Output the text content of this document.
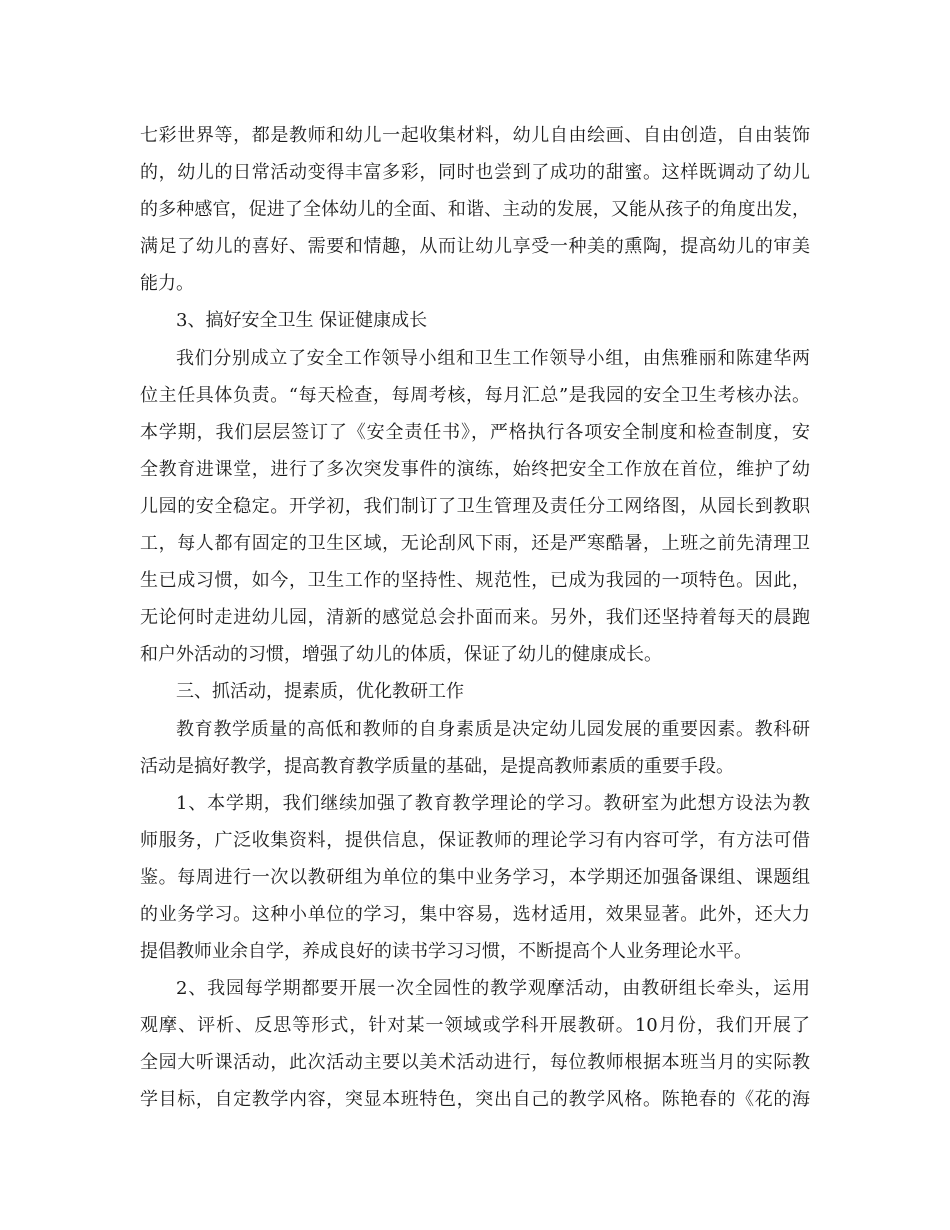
七彩世界等，都是教师和幼儿一起收集材料，幼儿自由绘画、自由创造，自由装饰
的，幼儿的日常活动变得丰富多彩，同时也尝到了成功的甜蜜。这样既调动了幼儿
的多种感官，促进了全体幼儿的全面、和谐、主动的发展，又能从孩子的角度出发，
满足了幼儿的喜好、需要和情趣，从而让幼儿享受一种美的熏陶，提高幼儿的审美
能力。
3、搞好安全卫生 保证健康成长
我们分别成立了安全工作领导小组和卫生工作领导小组，由焦雅丽和陈建华两
位主任具体负责。“每天检查，每周考核，每月汇总”是我园的安全卫生考核办法。
本学期，我们层层签订了《安全责任书》，严格执行各项安全制度和检查制度，安
全教育进课堂，进行了多次突发事件的演练，始终把安全工作放在首位，维护了幼
儿园的安全稳定。开学初，我们制订了卫生管理及责任分工网络图，从园长到教职
工，每人都有固定的卫生区域，无论刮风下雨，还是严寒酷暑，上班之前先清理卫
生已成习惯，如今，卫生工作的坚持性、规范性，已成为我园的一项特色。因此，
无论何时走进幼儿园，清新的感觉总会扑面而来。另外，我们还坚持着每天的晨跑
和户外活动的习惯，增强了幼儿的体质，保证了幼儿的健康成长。
三、抓活动，提素质，优化教研工作
教育教学质量的高低和教师的自身素质是决定幼儿园发展的重要因素。教科研
活动是搞好教学，提高教育教学质量的基础，是提高教师素质的重要手段。
1、本学期，我们继续加强了教育教学理论的学习。教研室为此想方设法为教
师服务，广泛收集资料，提供信息，保证教师的理论学习有内容可学，有方法可借
鉴。每周进行一次以教研组为单位的集中业务学习，本学期还加强备课组、课题组
的业务学习。这种小单位的学习，集中容易，选材适用，效果显著。此外，还大力
提倡教师业余自学，养成良好的读书学习习惯，不断提高个人业务理论水平。
2、我园每学期都要开展一次全园性的教学观摩活动，由教研组长牵头，运用
观摩、评析、反思等形式，针对某一领域或学科开展教研。10月份，我们开展了
全园大听课活动，此次活动主要以美术活动进行，每位教师根据本班当月的实际教
学目标，自定教学内容，突显本班特色，突出自己的教学风格。陈艳春的《花的海
